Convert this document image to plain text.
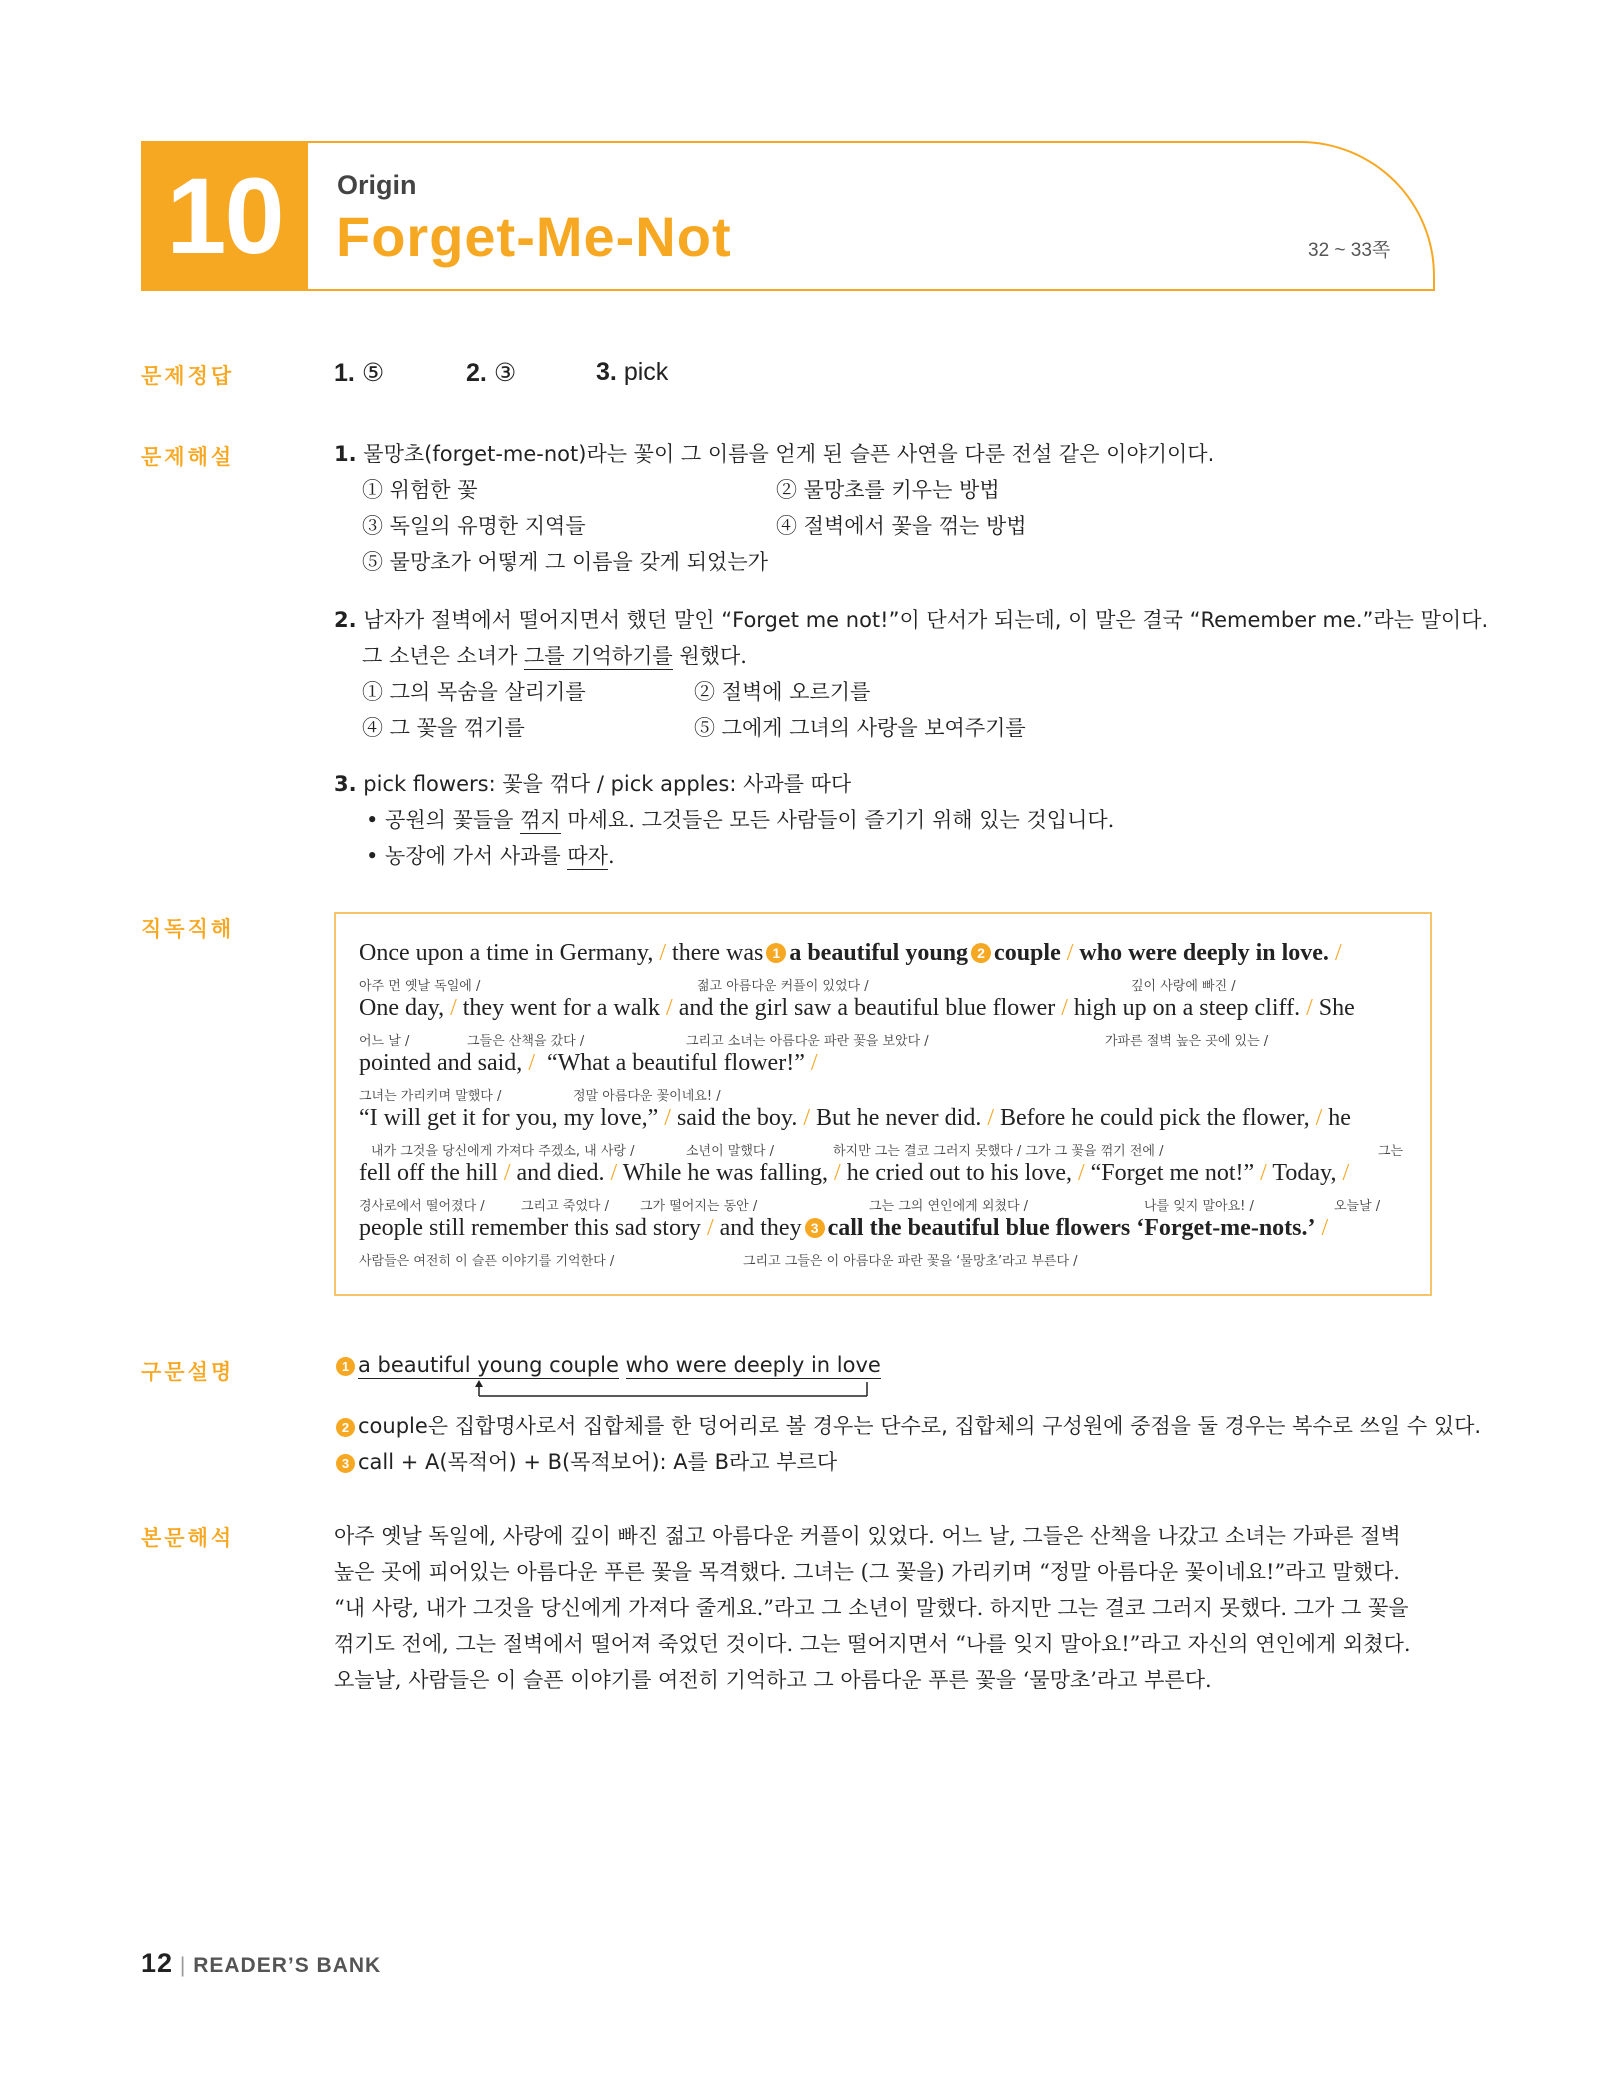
10	Origin
Forget-Me-Not	32 ~ 33쪽
문제정답	1. ⑤	2. ③	3. pick
문제해설	1. 물망초(forget-me-not)라는 꽃이 그 이름을 얻게 된 슬픈 사연을 다룬 전설 같은 이야기이다.
① 위험한 꽃	② 물망초를 키우는 방법
③ 독일의 유명한 지역들	④ 절벽에서 꽃을 꺾는 방법
⑤ 물망초가 어떻게 그 이름을 갖게 되었는가
2. 남자가 절벽에서 떨어지면서 했던 말인 “Forget me not!”이 단서가 되는데, 이 말은 결국 “Remember me.”라는 말이다.
그 소년은 소녀가 그를 기억하기를 원했다.
① 그의 목숨을 살리기를	② 절벽에 오르기를
④ 그 꽃을 꺾기를	⑤ 그에게 그녀의 사랑을 보여주기를
3. pick flowers: 꽃을 꺾다 / pick apples: 사과를 따다
• 공원의 꽃들을 꺾지 마세요. 그것들은 모든 사람들이 즐기기 위해 있는 것입니다.
• 농장에 가서 사과를 따자.
직독직해
Once upon a time in Germany, / there was 1 a beautiful young 2 couple / who were deeply in love. /
아주 먼 옛날 독일에 /	젊고 아름다운 커플이 있었다 /	깊이 사랑에 빠진 /
One day, / they went for a walk / and the girl saw a beautiful blue flower / high up on a steep cliff. / She
어느 날 /	그들은 산책을 갔다 /	그리고 소녀는 아름다운 파란 꽃을 보았다 /	가파른 절벽 높은 곳에 있는 /
pointed and said, / “What a beautiful flower!” /
그녀는 가리키며 말했다 /	정말 아름다운 꽃이네요! /
“I will get it for you, my love,” / said the boy. / But he never did. / Before he could pick the flower, / he
내가 그것을 당신에게 가져다 주겠소, 내 사랑 /	소년이 말했다 /	하지만 그는 결코 그러지 못했다 / 그가 그 꽃을 꺾기 전에 /	그는
fell off the hill / and died. / While he was falling, / he cried out to his love, / “Forget me not!” / Today, /
경사로에서 떨어졌다 /	그리고 죽었다 / 그가 떨어지는 동안 /	그는 그의 연인에게 외쳤다 /	나를 잊지 말아요! /	오늘날 /
people still remember this sad story / and they 3 call the beautiful blue flowers ‘Forget-me-nots.’ /
사람들은 여전히 이 슬픈 이야기를 기억한다 /	그리고 그들은 이 아름다운 파란 꽃을 ‘물망초’라고 부른다 /
구문설명	1 a beautiful young couple who were deeply in love
2 couple은 집합명사로서 집합체를 한 덩어리로 볼 경우는 단수로, 집합체의 구성원에 중점을 둘 경우는 복수로 쓰일 수 있다.
3 call + A(목적어) + B(목적보어): A를 B라고 부르다
본문해석	아주 옛날 독일에, 사랑에 깊이 빠진 젊고 아름다운 커플이 있었다. 어느 날, 그들은 산책을 나갔고 소녀는 가파른 절벽
높은 곳에 피어있는 아름다운 푸른 꽃을 목격했다. 그녀는 (그 꽃을) 가리키며 “정말 아름다운 꽃이네요!”라고 말했다.
“내 사랑, 내가 그것을 당신에게 가져다 줄게요.”라고 그 소년이 말했다. 하지만 그는 결코 그러지 못했다. 그가 그 꽃을
꺾기도 전에, 그는 절벽에서 떨어져 죽었던 것이다. 그는 떨어지면서 “나를 잊지 말아요!”라고 자신의 연인에게 외쳤다.
오늘날, 사람들은 이 슬픈 이야기를 여전히 기억하고 그 아름다운 푸른 꽃을 ‘물망초’라고 부른다.
12 | READER’S BANK
